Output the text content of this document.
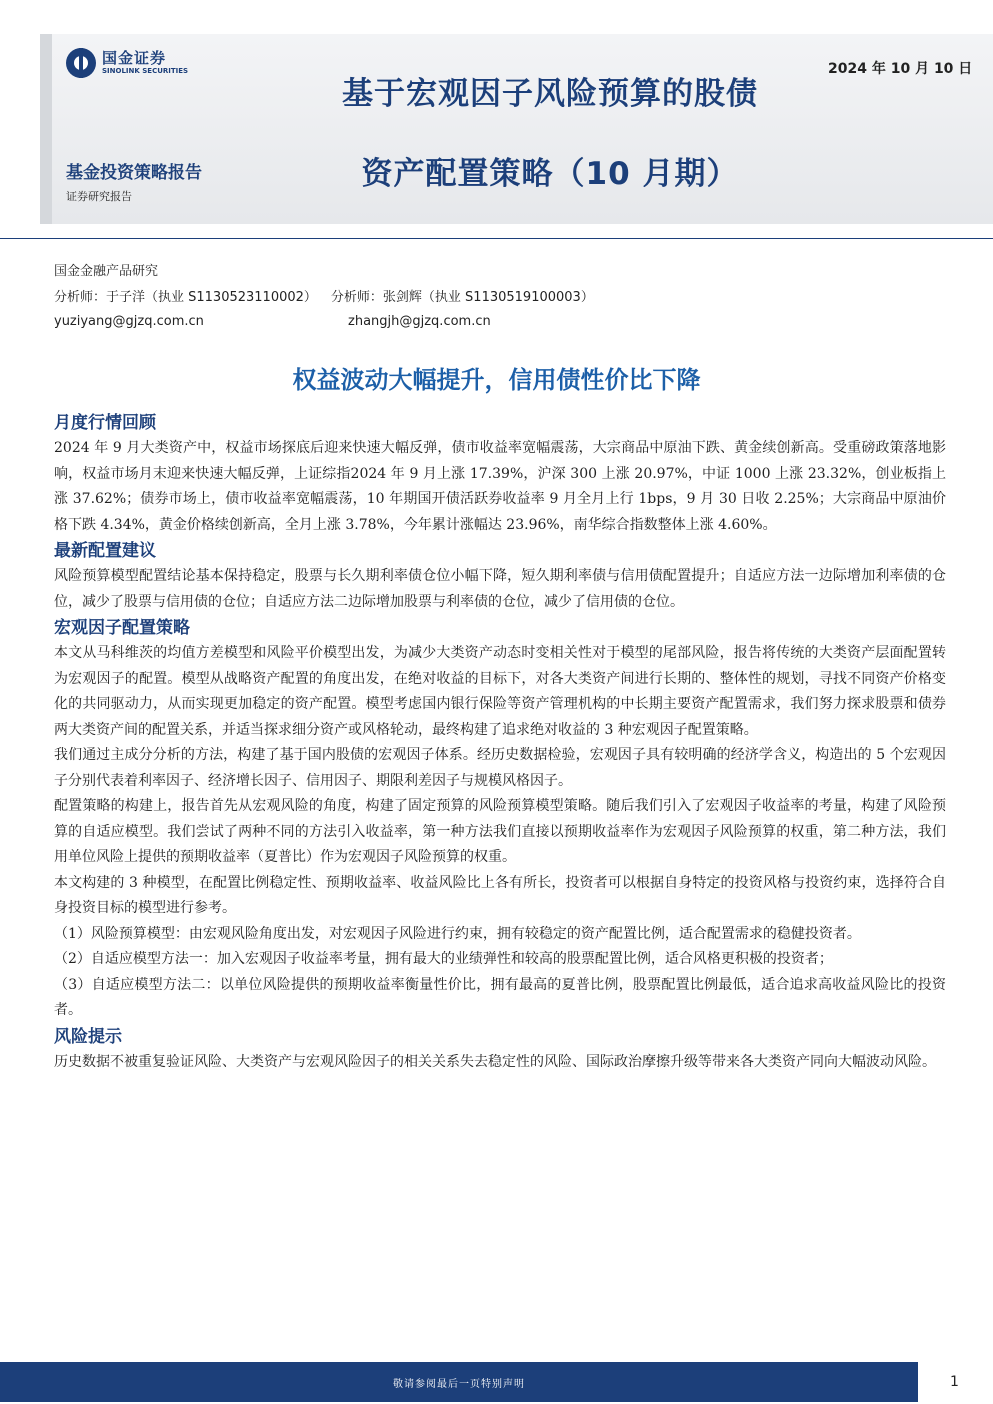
国金证券
SINOLINK SECURITIES
基于宏观因子风险预算的股债
资产配置策略（10 月期）
2024 年 10 月 10 日
基金投资策略报告
证券研究报告
国金金融产品研究
分析师：于子洋（执业 S1130523110002） 分析师：张剑辉（执业 S1130519100003）
yuziyang@gjzq.com.cn	zhangjh@gjzq.com.cn
权益波动大幅提升，信用债性价比下降
月度行情回顾

2024 年 9 月大类资产中，权益市场探底后迎来快速大幅反弹，债市收益率宽幅震荡，大宗商品中原油下跌、黄金续创新高。受重磅政策落地影响，权益市场月末迎来快速大幅反弹，上证综指2024 年 9 月上涨 17.39%，沪深 300 上涨 20.97%，中证 1000 上涨 23.32%，创业板指上涨 37.62%；债券市场上，债市收益率宽幅震荡，10 年期国开债活跃券收益率 9 月全月上行 1bps，9 月 30 日收 2.25%；大宗商品中原油价格下跌 4.34%，黄金价格续创新高，全月上涨 3.78%，今年累计涨幅达 23.96%，南华综合指数整体上涨 4.60%。

最新配置建议

风险预算模型配置结论基本保持稳定，股票与长久期利率债仓位小幅下降，短久期利率债与信用债配置提升；自适应方法一边际增加利率债的仓位，减少了股票与信用债的仓位；自适应方法二边际增加股票与利率债的仓位，减少了信用债的仓位。

宏观因子配置策略

本文从马科维茨的均值方差模型和风险平价模型出发，为减少大类资产动态时变相关性对于模型的尾部风险，报告将传统的大类资产层面配置转为宏观因子的配置。模型从战略资产配置的角度出发，在绝对收益的目标下，对各大类资产间进行长期的、整体性的规划，寻找不同资产价格变化的共同驱动力，从而实现更加稳定的资产配置。模型考虑国内银行保险等资产管理机构的中长期主要资产配置需求，我们努力探求股票和债券两大类资产间的配置关系，并适当探求细分资产或风格轮动，最终构建了追求绝对收益的 3 种宏观因子配置策略。

我们通过主成分分析的方法，构建了基于国内股债的宏观因子体系。经历史数据检验，宏观因子具有较明确的经济学含义，构造出的 5 个宏观因子分别代表着利率因子、经济增长因子、信用因子、期限利差因子与规模风格因子。

配置策略的构建上，报告首先从宏观风险的角度，构建了固定预算的风险预算模型策略。随后我们引入了宏观因子收益率的考量，构建了风险预算的自适应模型。我们尝试了两种不同的方法引入收益率，第一种方法我们直接以预期收益率作为宏观因子风险预算的权重，第二种方法，我们用单位风险上提供的预期收益率（夏普比）作为宏观因子风险预算的权重。

本文构建的 3 种模型，在配置比例稳定性、预期收益率、收益风险比上各有所长，投资者可以根据自身特定的投资风格与投资约束，选择符合自身投资目标的模型进行参考。

（1）风险预算模型：由宏观风险角度出发，对宏观因子风险进行约束，拥有较稳定的资产配置比例，适合配置需求的稳健投资者。

（2）自适应模型方法一：加入宏观因子收益率考量，拥有最大的业绩弹性和较高的股票配置比例，适合风格更积极的投资者；

（3）自适应模型方法二：以单位风险提供的预期收益率衡量性价比，拥有最高的夏普比例，股票配置比例最低，适合追求高收益风险比的投资者。

风险提示

历史数据不被重复验证风险、大类资产与宏观风险因子的相关关系失去稳定性的风险、国际政治摩擦升级等带来各大类资产同向大幅波动风险。

敬请参阅最后一页特别声明	1
